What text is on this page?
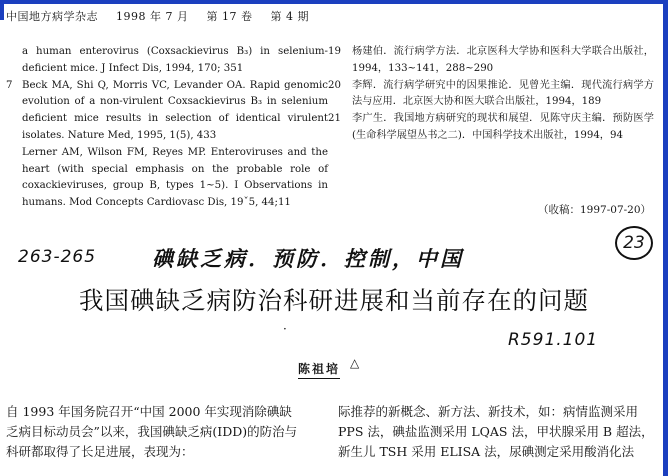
中国地方病学杂志 1998 年 7 月 第 17 卷 第 4 期
a human enterovirus (Coxsackievirus B₃) in selenium-deficient mice. J Infect Dis, 1994, 170; 351
7 Beck MA, Shi Q, Morris VC, Levander OA. Rapid genomic evolution of a non-virulent Coxsackievirus B₃ in selenium deficient mice results in selection of identical virulent isolates. Nature Med, 1995, 1(5), 433
Lerner AM, Wilson FM, Reyes MP. Enteroviruses and the heart (with special emphasis on the probable role of coxackieviruses, group B, types 1~5). I Observations in humans. Mod Concepts Cardiovasc Dis, 19ˇ5, 44;11
19	杨建伯．流行病学方法．北京医科大学协和医科大学联合出版社，1994，133~141，288~290
20	李辉．流行病学研究中的因果推论．见曾光主编．现代流行病学方法与应用．北京医大协和医大联合出版社，1994，189
21	李广生．我国地方病研究的现状和展望．见陈守庆主编．预防医学(生命科学展望丛书之二)．中国科学技术出版社，1994，94
（收稿：1997-07-20）
263-265	碘缺乏病．预防．控制，中国
23
我国碘缺乏病防治科研进展和当前存在的问题
·
R591.101
陈祖培 △

自 1993 年国务院召开“中国 2000 年实现消除碘缺

乏病目标动员会”以来，我国碘缺乏病(IDD)的防治与

科研都取得了长足进展，表现为：

际推荐的新概念、新方法、新技术，如：病情监测采用

PPS 法，碘盐监测采用 LQAS 法，甲状腺采用 B 超法，

新生儿 TSH 采用 ELISA 法，尿碘测定采用酸消化法
